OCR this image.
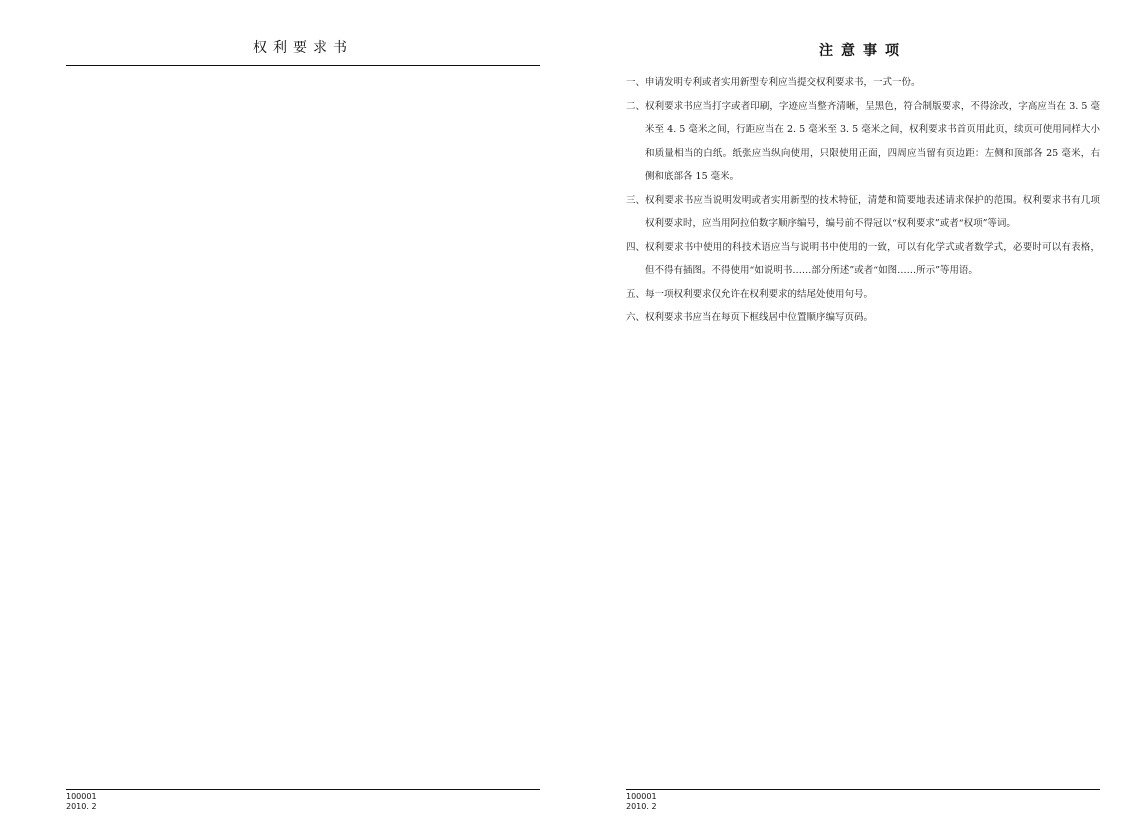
权利要求书
100001
2010. 2
注意事项
一、 申请发明专利或者实用新型专利应当提交权利要求书，一式一份。
二、 权利要求书应当打字或者印刷，字迹应当整齐清晰，呈黑色，符合制版要求，不得涂改，字高应当在 3. 5 毫米至 4. 5 毫米之间，行距应当在 2. 5 毫米至 3. 5 毫米之间，权利要求书首页用此页，续页可使用同样大小和质量相当的白纸。纸张应当纵向使用，只限使用正面，四周应当留有页边距：左侧和顶部各 25 毫米，右侧和底部各 15 毫米。
三、 权利要求书应当说明发明或者实用新型的技术特征，清楚和简要地表述请求保护的范围。权利要求书有几项权利要求时，应当用阿拉伯数字顺序编号，编号前不得冠以“权利要求”或者“权项”等词。
四、 权利要求书中使用的科技术语应当与说明书中使用的一致，可以有化学式或者数学式，必要时可以有表格，但不得有插图。不得使用“如说明书……部分所述”或者“如图……所示”等用语。
五、 每一项权利要求仅允许在权利要求的结尾处使用句号。
六、 权利要求书应当在每页下框线居中位置顺序编写页码。
100001
2010. 2
